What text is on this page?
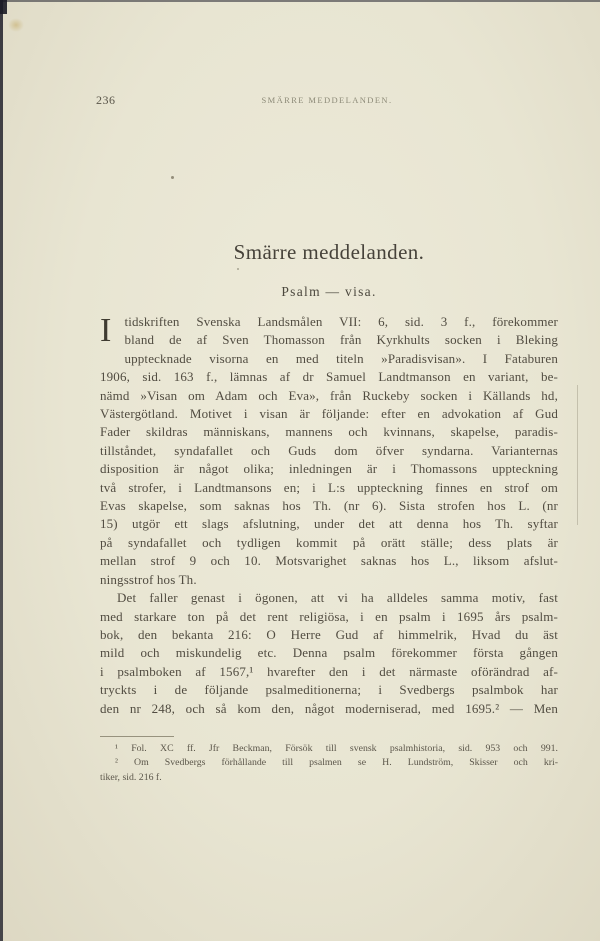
236	SMÄRRE MEDDELANDEN.
Smärre meddelanden.
Psalm — visa.
I	tidskriften Svenska Landsmålen VII: 6, sid. 3 f., förekommer
bland de af Sven Thomasson från Kyrkhults socken i Bleking
upptecknade visorna en med titeln »Paradisvisan». I Fataburen
1906, sid. 163 f., lämnas af dr Samuel Landtmanson en variant, be-
nämd »Visan om Adam och Eva», från Ruckeby socken i Källands hd,
Västergötland. Motivet i visan är följande: efter en advokation af Gud
Fader skildras människans, mannens och kvinnans, skapelse, paradis-
tillståndet, syndafallet och Guds dom öfver syndarna. Varianternas
disposition är något olika; inledningen är i Thomassons uppteckning
två strofer, i Landtmansons en; i L:s uppteckning finnes en strof om
Evas skapelse, som saknas hos Th. (nr 6). Sista strofen hos L. (nr
15) utgör ett slags afslutning, under det att denna hos Th. syftar
på syndafallet och tydligen kommit på orätt ställe; dess plats är
mellan strof 9 och 10. Motsvarighet saknas hos L., liksom afslut-
ningsstrof hos Th.
Det faller genast i ögonen, att vi ha alldeles samma motiv, fast
med starkare ton på det rent religiösa, i en psalm i 1695 års psalm-
bok, den bekanta 216: O Herre Gud af himmelrik, Hvad du äst
mild och miskundelig etc. Denna psalm förekommer första gången
i psalmboken af 1567,¹ hvarefter den i det närmaste oförändrad af-
tryckts i de följande psalmeditionerna; i Svedbergs psalmbok har
den nr 248, och så kom den, något moderniserad, med 1695.² — Men
¹ Fol. XC ff. Jfr Beckman, Försök till svensk psalmhistoria, sid. 953 och 991.
² Om Svedbergs förhållande till psalmen se H. Lundström, Skisser och kri-
tiker, sid. 216 f.
